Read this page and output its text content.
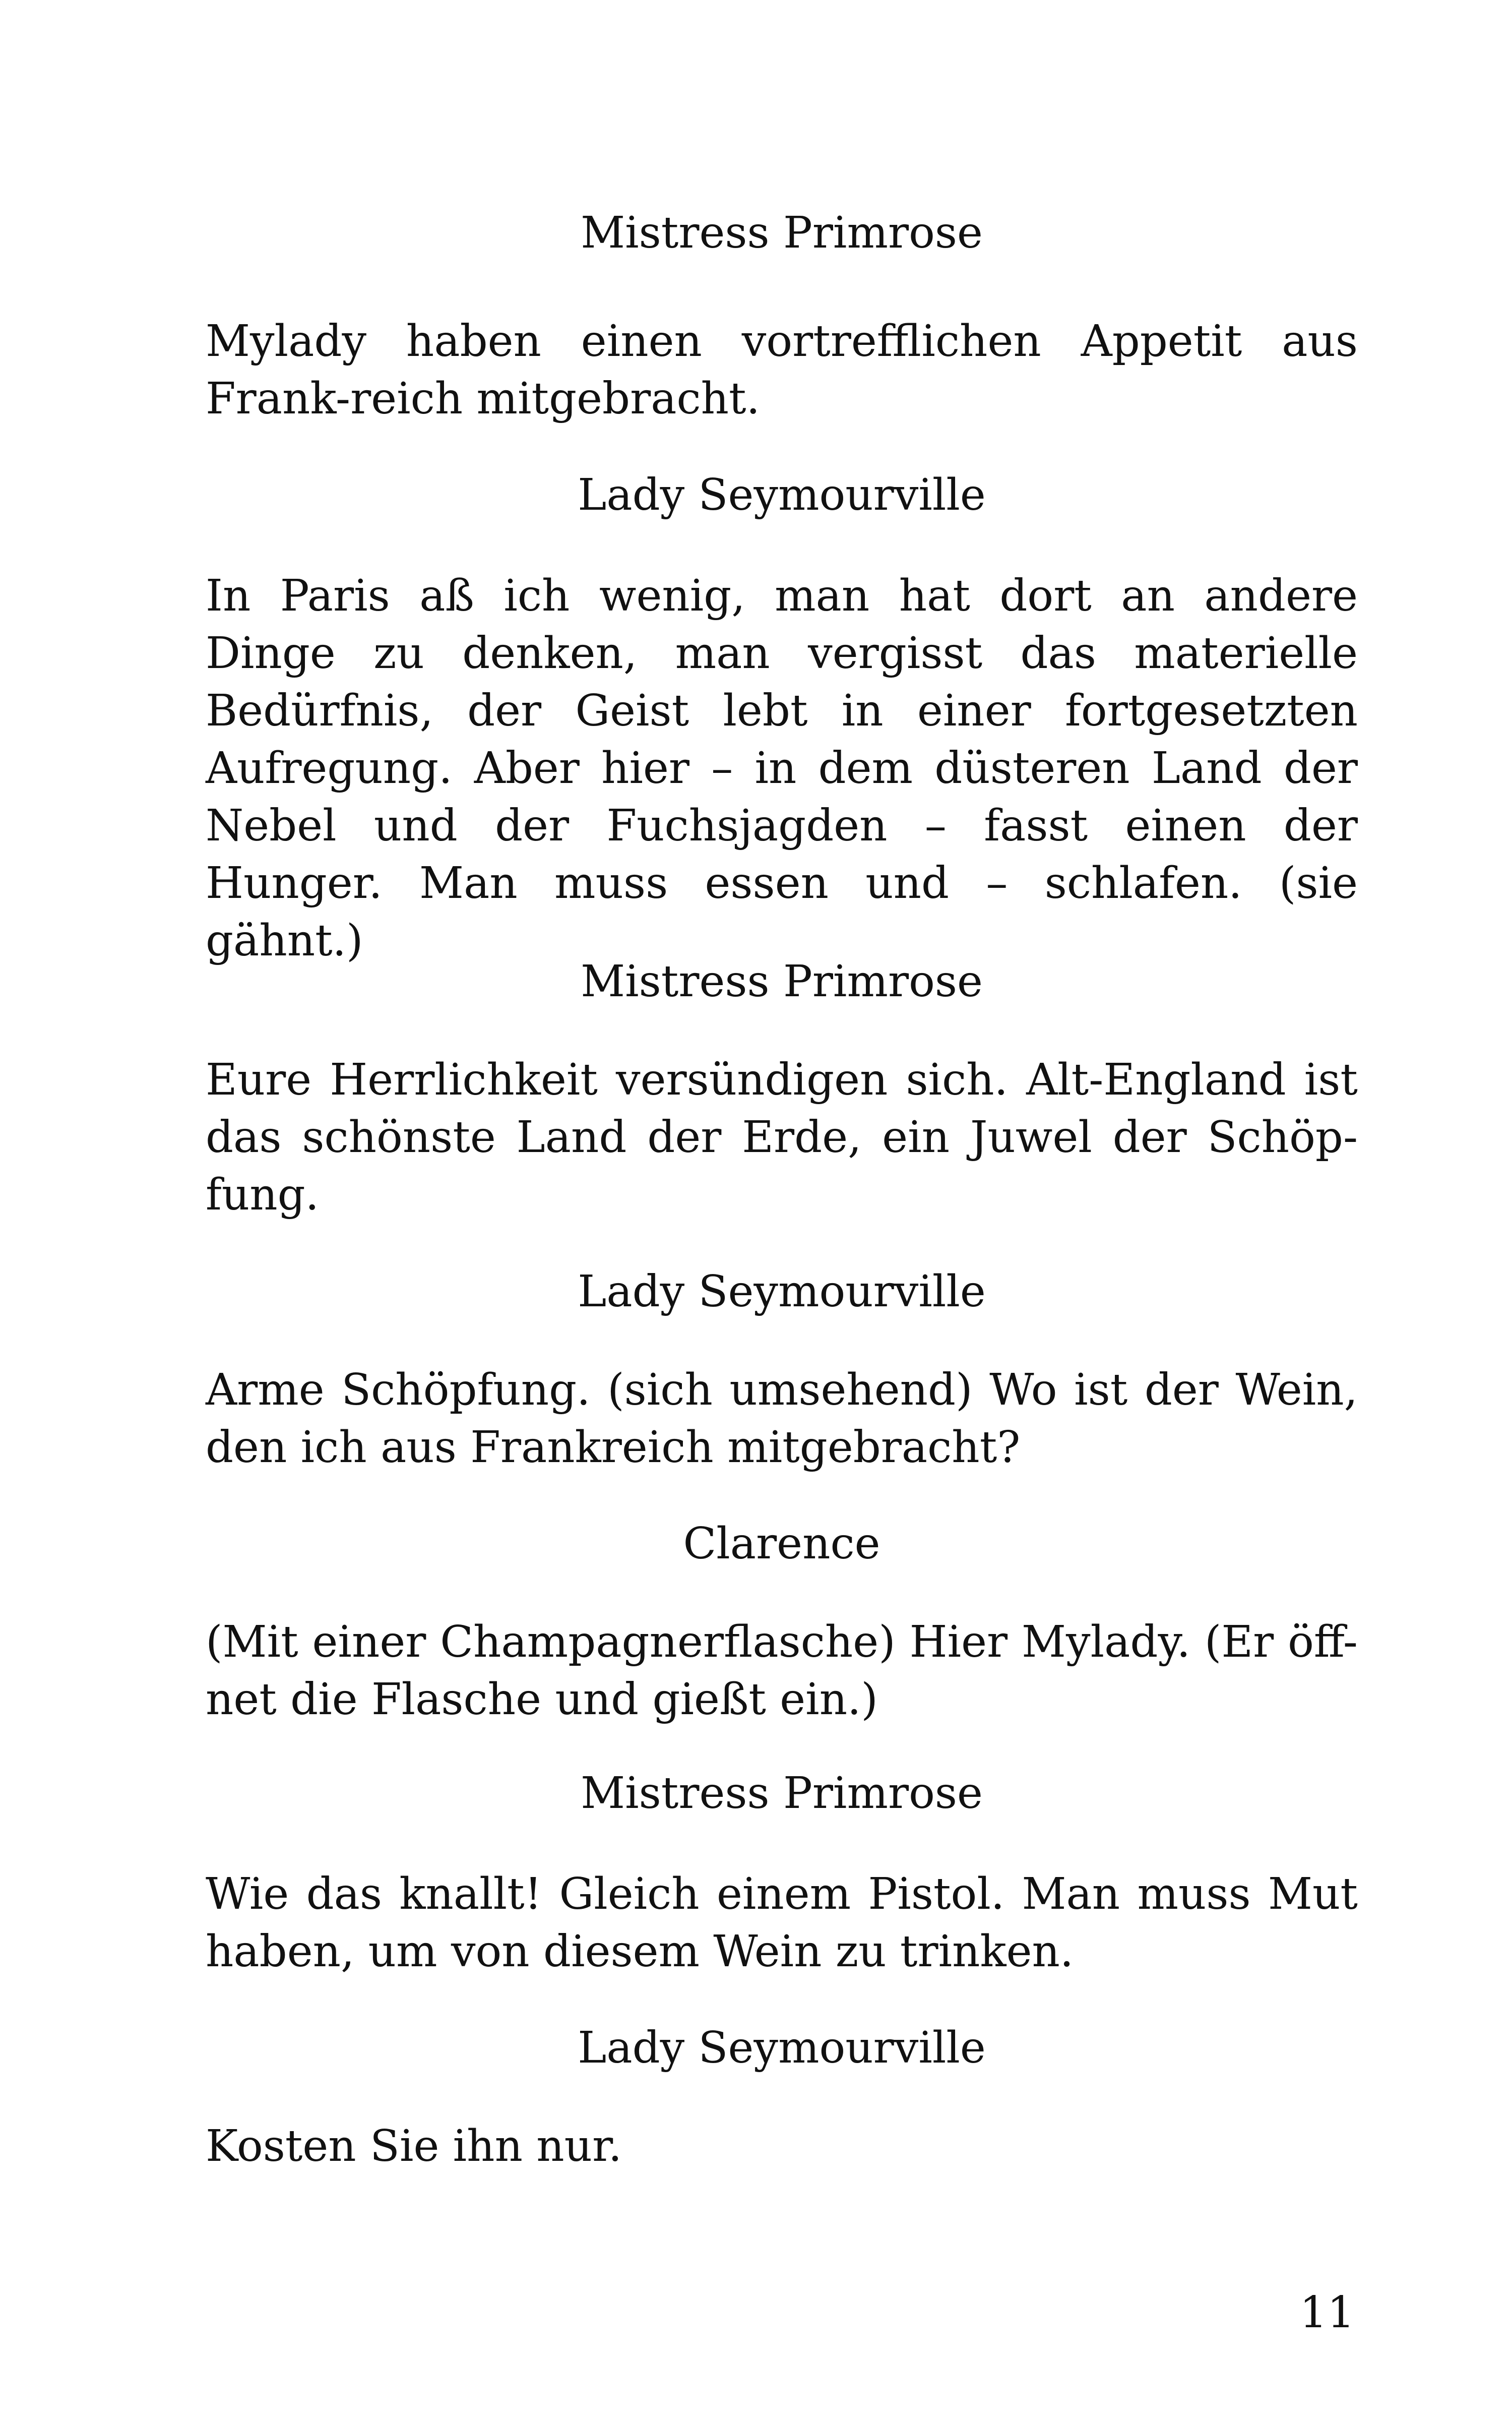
Mistress Primrose

Mylady haben einen vortrefflichen Appetit aus Frank-reich mitgebracht.

Lady Seymourville

In Paris aß ich wenig, man hat dort an andere Dinge zu denken, man vergisst das materielle Bedürfnis, der Geist lebt in einer fortgesetzten Aufregung. Aber hier – in dem düsteren Land der Nebel und der Fuchsjagden – fasst einen der Hunger. Man muss essen und – schlafen. (sie gähnt.)

Mistress Primrose

Eure Herrlichkeit versündigen sich. Alt-England ist das schönste Land der Erde, ein Juwel der Schöp-fung.

Lady Seymourville

Arme Schöpfung. (sich umsehend) Wo ist der Wein, den ich aus Frankreich mitgebracht?

Clarence

(Mit einer Champagnerflasche) Hier Mylady. (Er öff-net die Flasche und gießt ein.)

Mistress Primrose

Wie das knallt! Gleich einem Pistol. Man muss Mut haben, um von diesem Wein zu trinken.

Lady Seymourville

Kosten Sie ihn nur.

11
